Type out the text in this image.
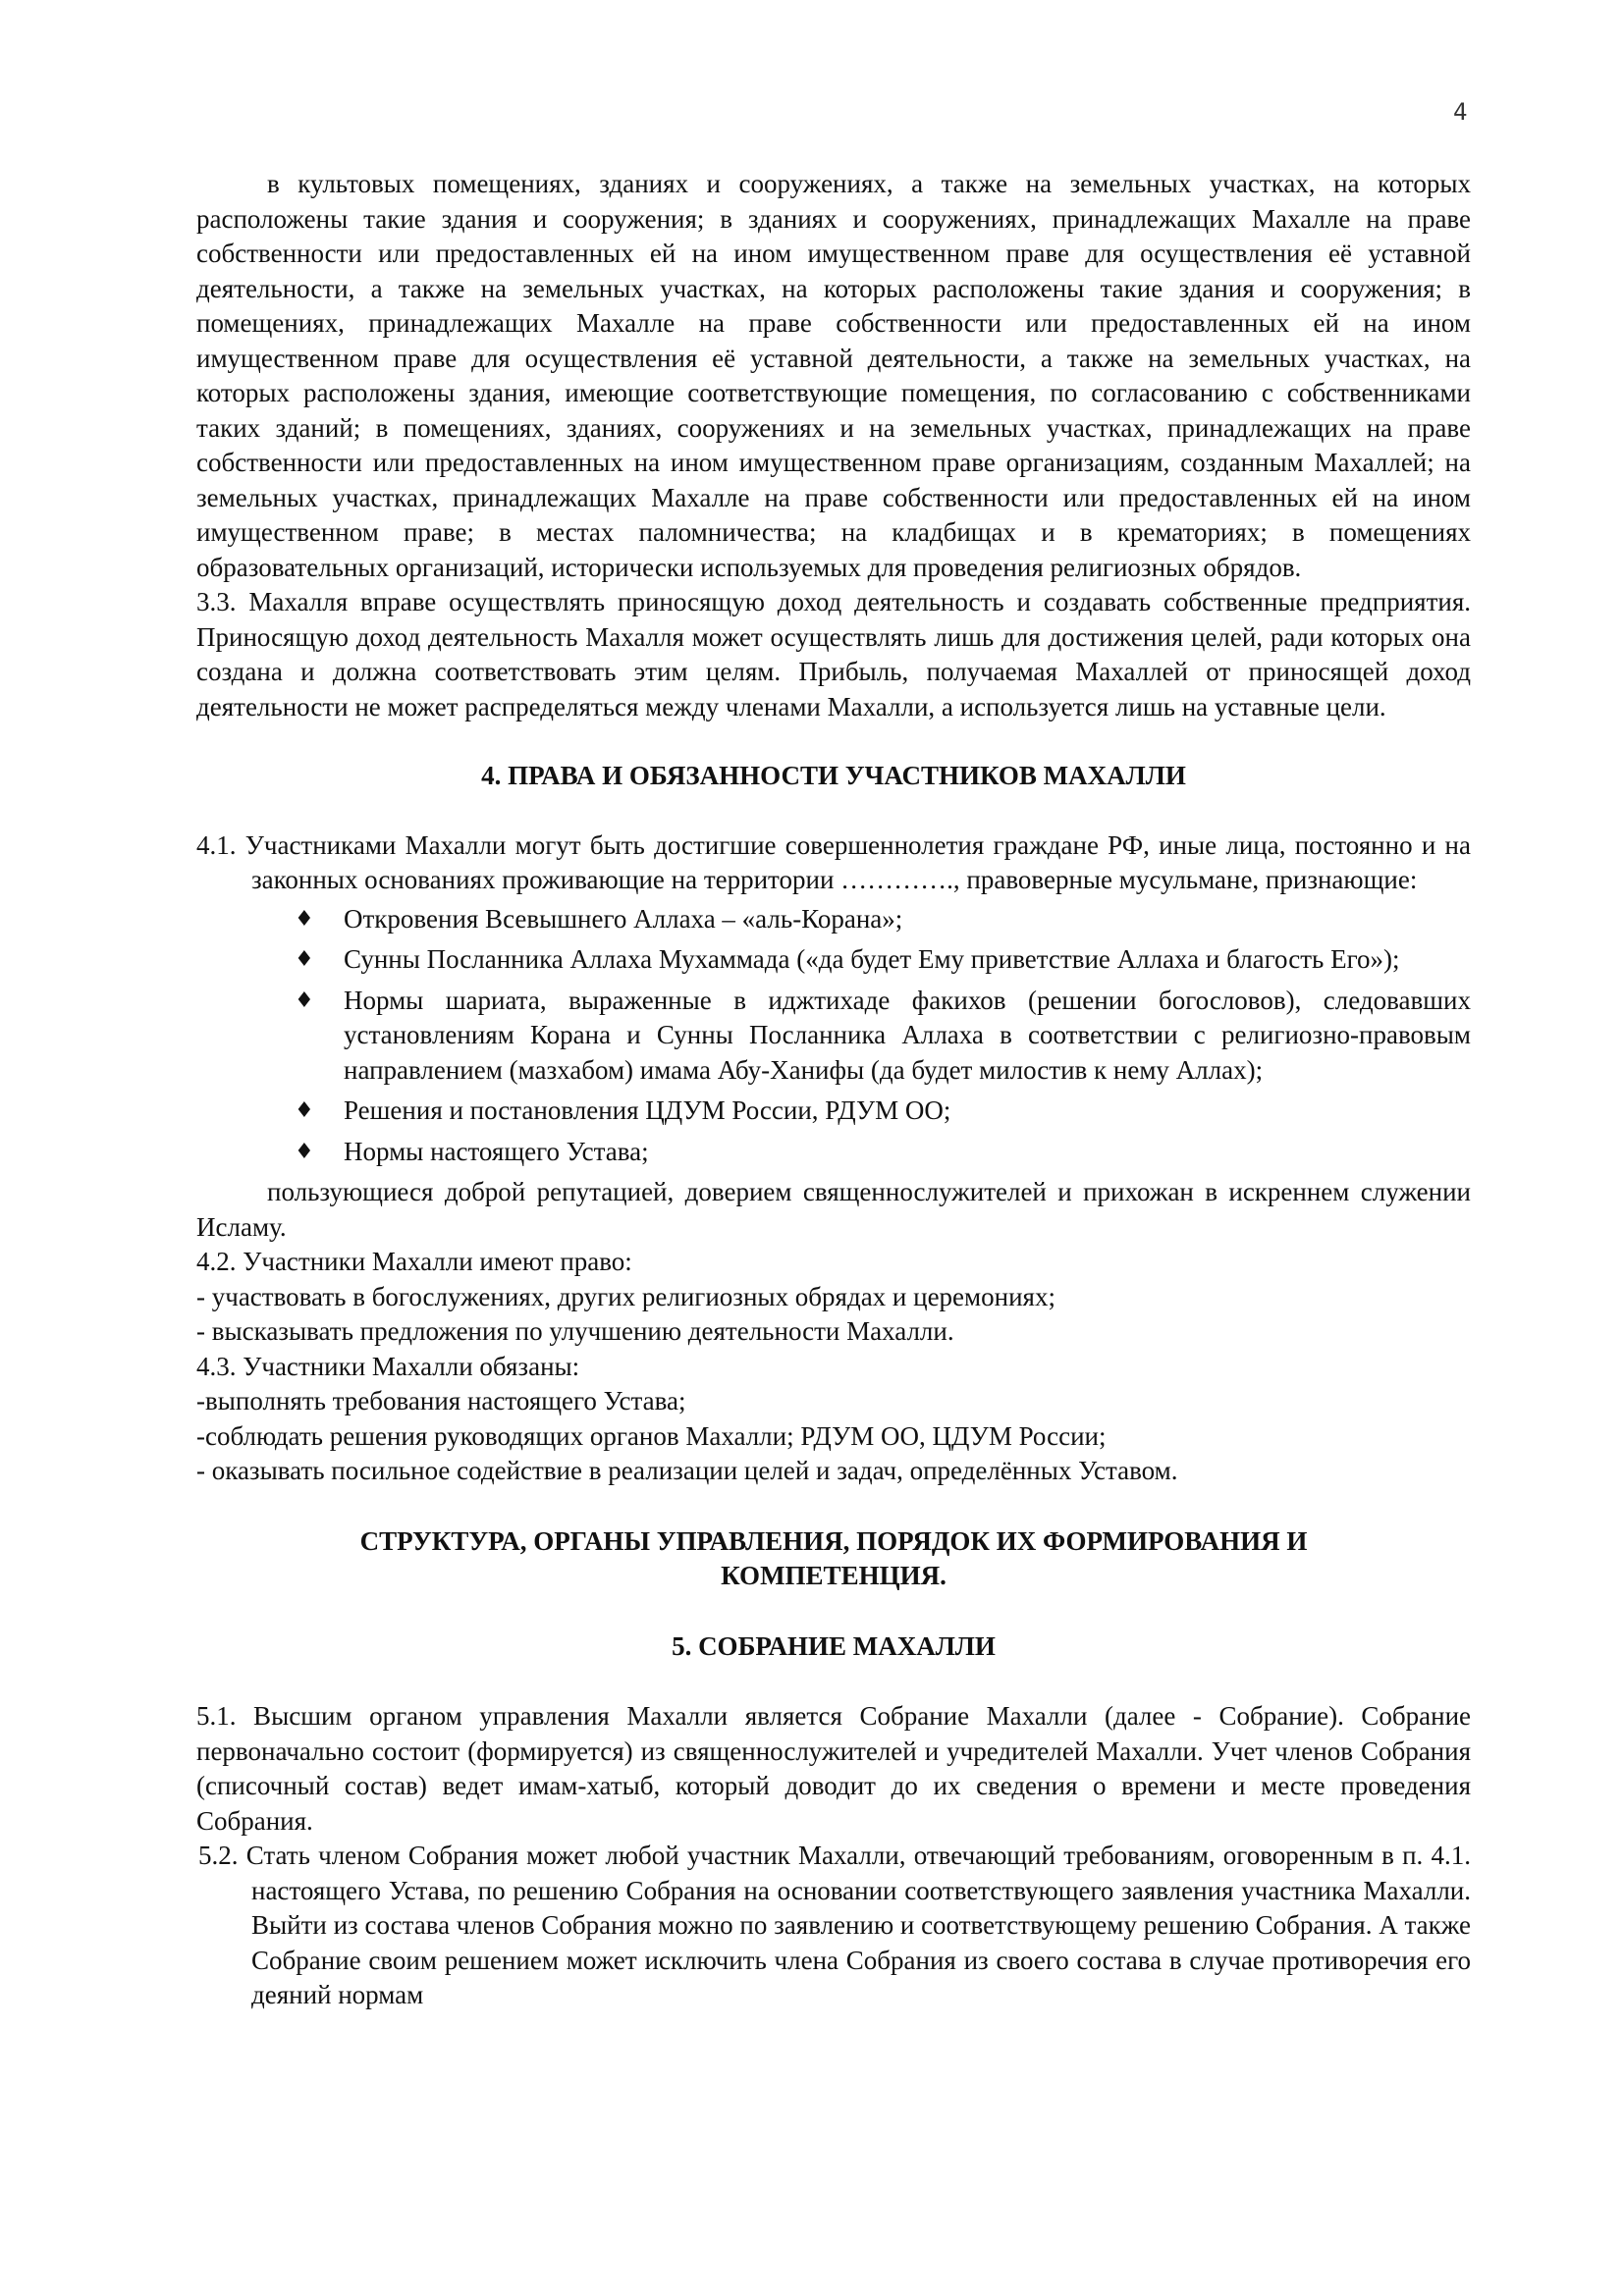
4

в культовых помещениях, зданиях и сооружениях, а также на земельных участках, на которых расположены такие здания и сооружения; в зданиях и сооружениях, принадлежащих Махалле на праве собственности или предоставленных ей на ином имущественном праве для осуществления её уставной деятельности, а также на земельных участках, на которых расположены такие здания и сооружения; в помещениях, принадлежащих Махалле на праве собственности или предоставленных ей на ином имущественном праве для осуществления её уставной деятельности, а также на земельных участках, на которых расположены здания, имеющие соответствующие помещения, по согласованию с собственниками таких зданий; в помещениях, зданиях, сооружениях и на земельных участках, принадлежащих на праве собственности или предоставленных на ином имущественном праве организациям, созданным Махаллей; на земельных участках, принадлежащих Махалле на праве собственности или предоставленных ей на ином имущественном праве; в местах паломничества; на кладбищах и в крематориях; в помещениях образовательных организаций, исторически используемых для проведения религиозных обрядов.

3.3. Махалля вправе осуществлять приносящую доход деятельность и создавать собственные предприятия. Приносящую доход деятельность Махалля может осуществлять лишь для достижения целей, ради которых она создана и должна соответствовать этим целям. Прибыль, получаемая Махаллей от приносящей доход деятельности не может распределяться между членами Махалли, а используется лишь на уставные цели.

4. ПРАВА И ОБЯЗАННОСТИ УЧАСТНИКОВ МАХАЛЛИ

4.1. Участниками Махалли могут быть достигшие совершеннолетия граждане РФ, иные лица, постоянно и на законных основаниях проживающие на территории …………., правоверные мусульмане, признающие:

♦ Откровения Всевышнего Аллаха – «аль-Корана»;
♦ Сунны Посланника Аллаха Мухаммада («да будет Ему приветствие Аллаха и благость Его»);
♦ Нормы шариата, выраженные в иджтихаде факихов (решении богословов), следовавших установлениям Корана и Сунны Посланника Аллаха в соответствии с религиозно-правовым направлением (мазхабом) имама Абу-Ханифы (да будет милостив к нему Аллах);
♦ Решения и постановления ЦДУМ России, РДУМ ОО;
♦ Нормы настоящего Устава;

пользующиеся доброй репутацией, доверием священнослужителей и прихожан в искреннем служении Исламу.

4.2. Участники Махалли имеют право:

- участвовать в богослужениях, других религиозных обрядах и церемониях;

- высказывать предложения по улучшению деятельности Махалли.

4.3. Участники Махалли обязаны:

-выполнять требования настоящего Устава;

-соблюдать решения руководящих органов Махалли; РДУМ ОО, ЦДУМ России;

- оказывать посильное содействие в реализации целей и задач, определённых Уставом.

СТРУКТУРА, ОРГАНЫ УПРАВЛЕНИЯ, ПОРЯДОК ИХ ФОРМИРОВАНИЯ И КОМПЕТЕНЦИЯ.
5. СОБРАНИЕ МАХАЛЛИ

5.1. Высшим органом управления Махалли является Собрание Махалли (далее - Собрание). Собрание первоначально состоит (формируется) из священнослужителей и учредителей Махалли. Учет членов Собрания (списочный состав) ведет имам-хатыб, который доводит до их сведения о времени и месте проведения Собрания.

5.2. Стать членом Собрания может любой участник Махалли, отвечающий требованиям, оговоренным в п. 4.1. настоящего Устава, по решению Собрания на основании соответствующего заявления участника Махалли. Выйти из состава членов Собрания можно по заявлению и соответствующему решению Собрания. А также Собрание своим решением может исключить члена Собрания из своего состава в случае противоречия его деяний нормам
